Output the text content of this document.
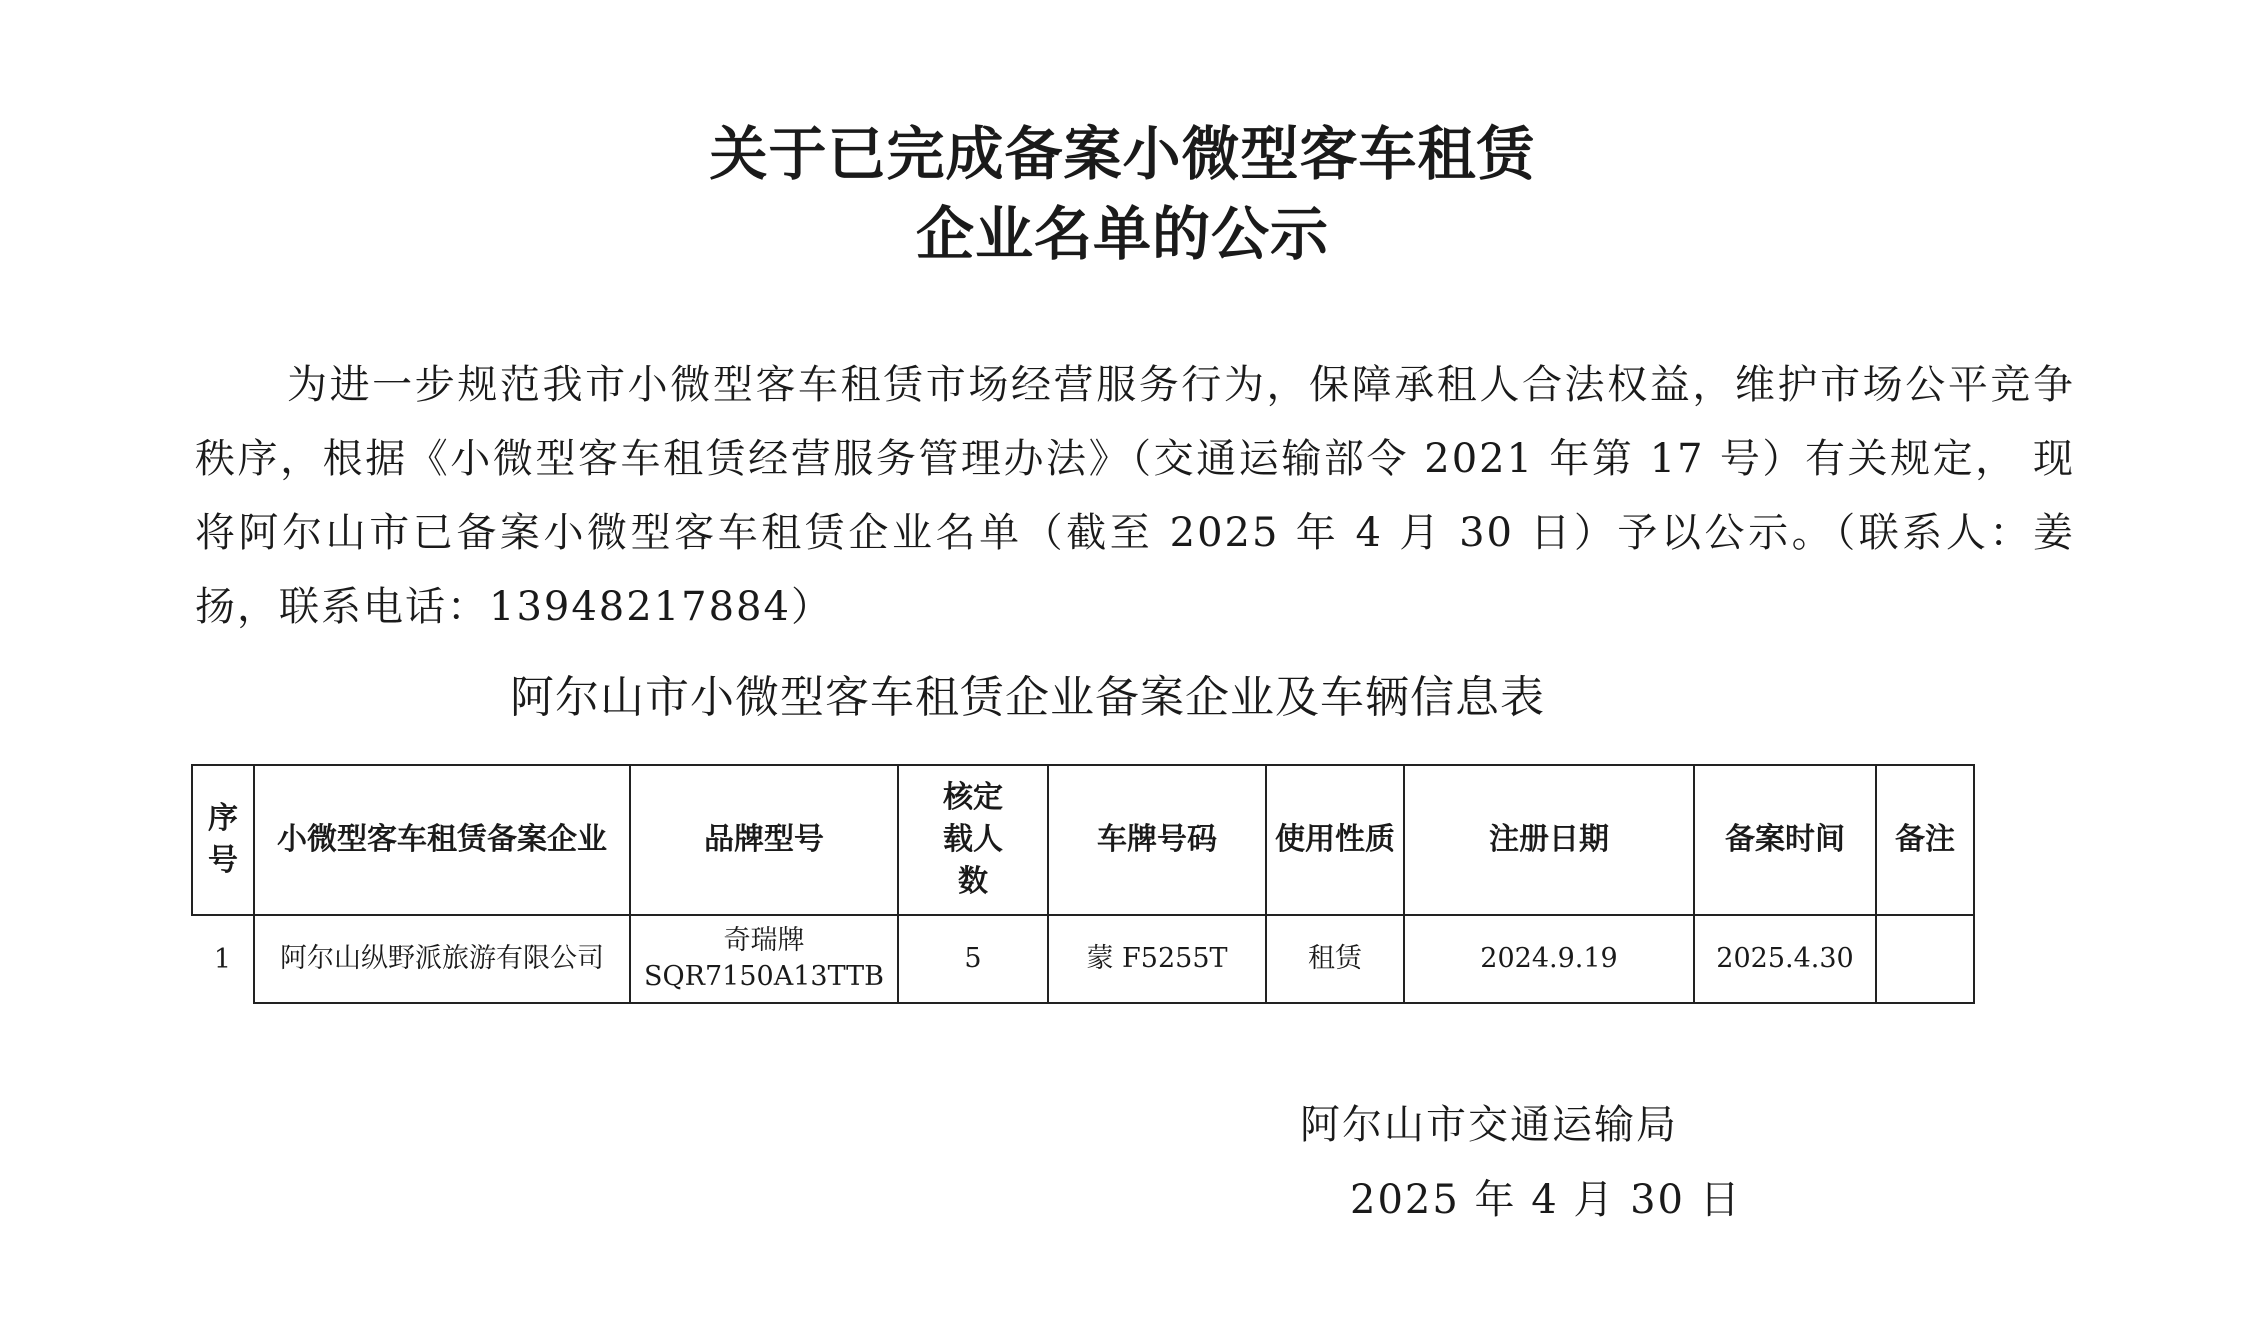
关于已完成备案小微型客车租赁
企业名单的公示
为进一步规范我市小微型客车租赁市场经营服务行为，保障承租人合法权益，维护市场公平竞争秩序，根据《小微型客车租赁经营服务管理办法》（交通运输部令 2021 年第 17 号）有关规定， 现将阿尔山市已备案小微型客车租赁企业名单（截至 2025 年 4 月 30 日）予以公示。（联系人：姜扬，联系电话：13948217884）
阿尔山市小微型客车租赁企业备案企业及车辆信息表
序号	小微型客车租赁备案企业	品牌型号	核定载人数	车牌号码	使用性质	注册日期	备案时间	备注
1	阿尔山纵野派旅游有限公司	奇瑞牌
SQR7150A13TTB	5	蒙 F5255T	租赁	2024.9.19	2025.4.30	
阿尔山市交通运输局
2025 年 4 月 30 日
